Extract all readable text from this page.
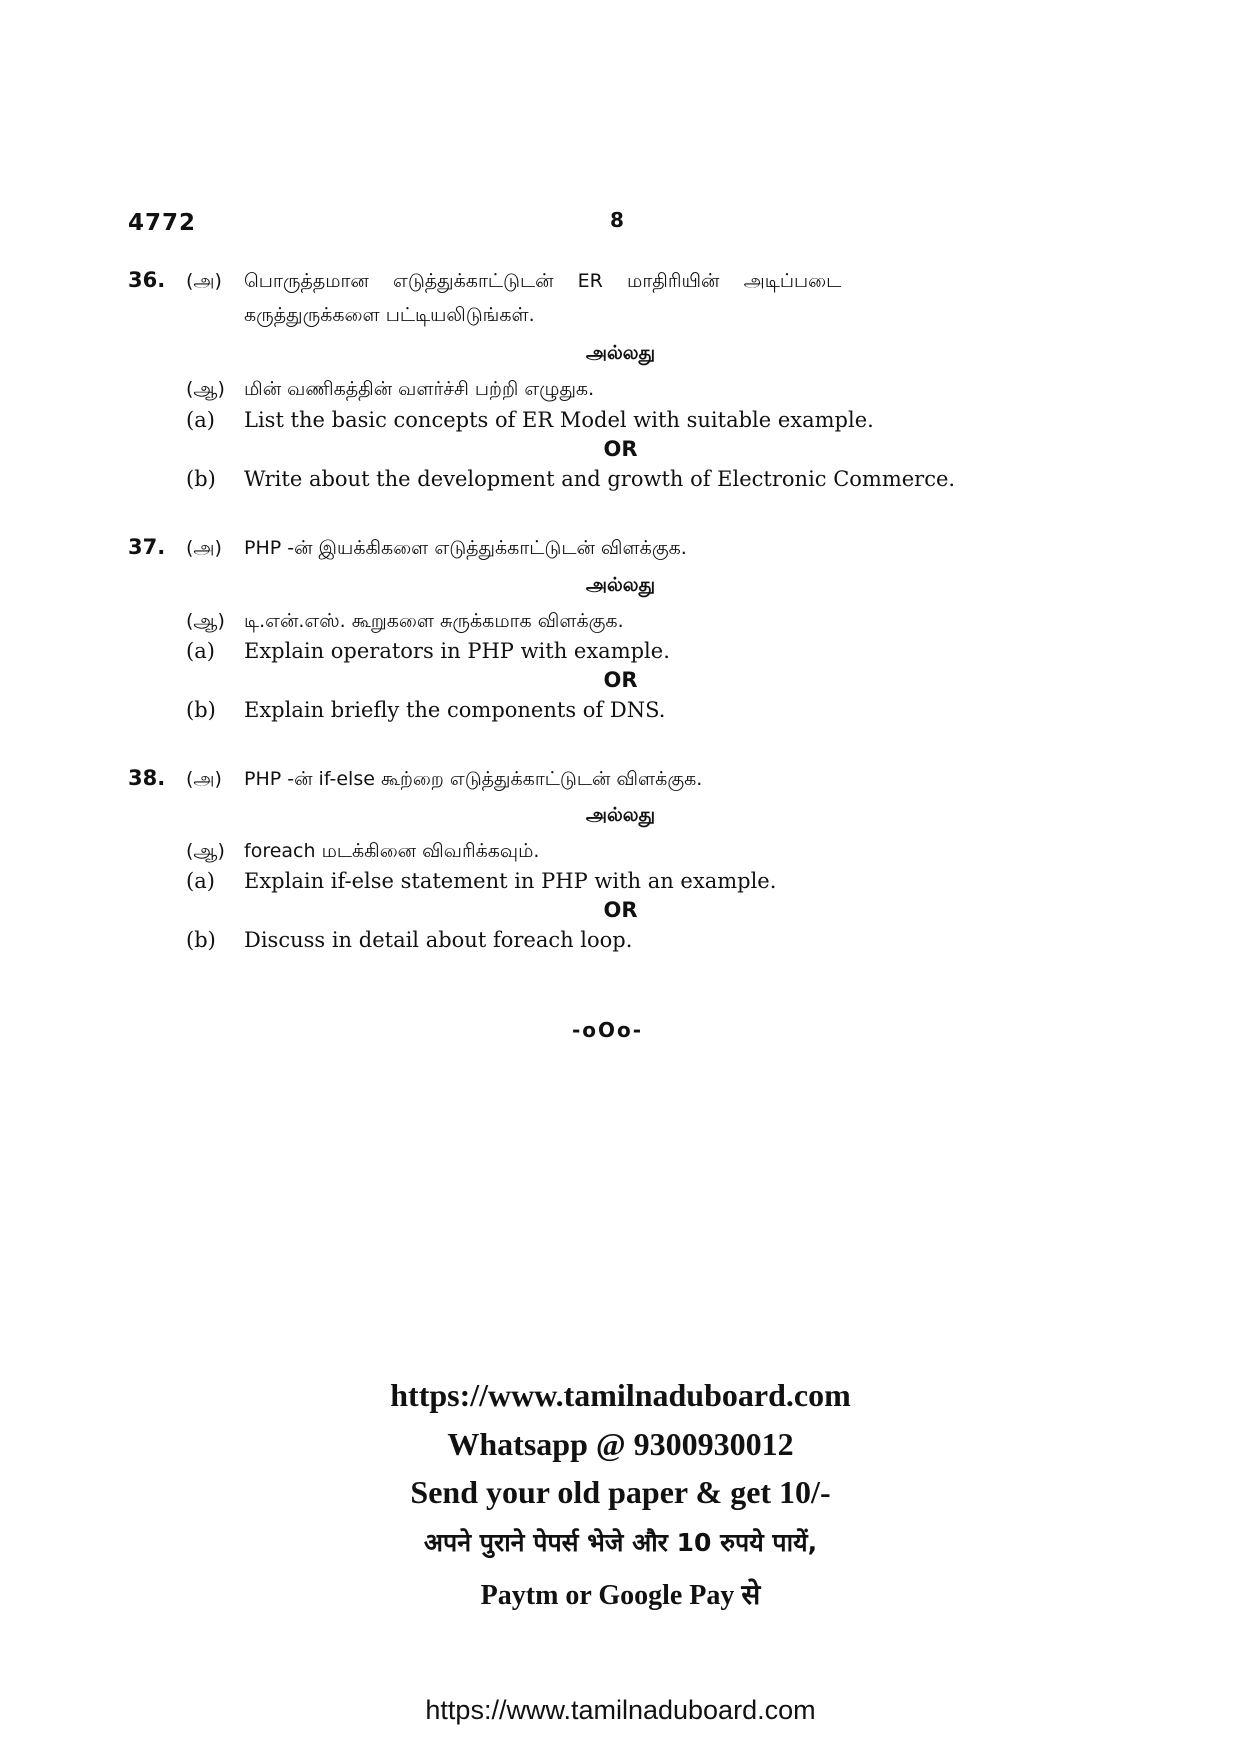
4772	8
36. (அ) பொருத்தமான    எடுத்துக்காட்டுடன்    ER    மாதிரியின்    அடிப்படை
கருத்துருக்களை பட்டியலிடுங்கள்.
அல்லது
(ஆ) மின் வணிகத்தின் வளர்ச்சி பற்றி எழுதுக.
(a) List the basic concepts of ER Model with suitable example.
OR
(b) Write about the development and growth of Electronic Commerce.
37. (அ) PHP -ன் இயக்கிகளை எடுத்துக்காட்டுடன் விளக்குக.
அல்லது
(ஆ) டி.என்.எஸ். கூறுகளை சுருக்கமாக விளக்குக.
(a) Explain operators in PHP with example.
OR
(b) Explain briefly the components of DNS.
38. (அ) PHP -ன் if-else கூற்றை எடுத்துக்காட்டுடன் விளக்குக.
அல்லது
(ஆ) foreach மடக்கினை விவரிக்கவும்.
(a) Explain if-else statement in PHP with an example.
OR
(b) Discuss in detail about foreach loop.
-oOo-
https://www.tamilnaduboard.com
Whatsapp @ 9300930012
Send your old paper & get 10/-
अपने पुराने पेपर्स भेजे और 10 रुपये पायें,
Paytm or Google Pay से
https://www.tamilnaduboard.com
